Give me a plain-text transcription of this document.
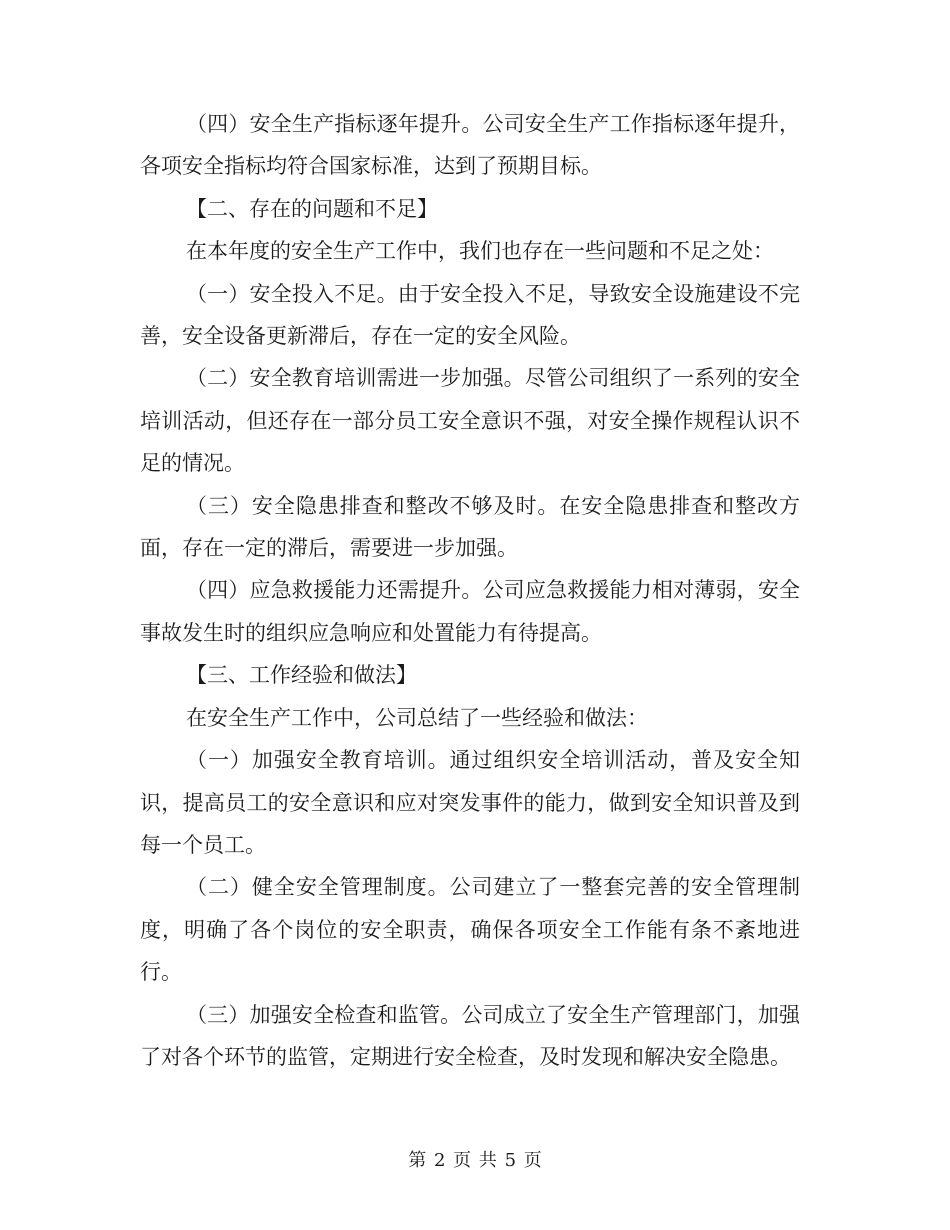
（四）安全生产指标逐年提升。公司安全生产工作指标逐年提升，各项安全指标均符合国家标准，达到了预期目标。

【二、存在的问题和不足】

在本年度的安全生产工作中，我们也存在一些问题和不足之处：

（一）安全投入不足。由于安全投入不足，导致安全设施建设不完善，安全设备更新滞后，存在一定的安全风险。

（二）安全教育培训需进一步加强。尽管公司组织了一系列的安全培训活动，但还存在一部分员工安全意识不强，对安全操作规程认识不足的情况。

（三）安全隐患排查和整改不够及时。在安全隐患排查和整改方面，存在一定的滞后，需要进一步加强。

（四）应急救援能力还需提升。公司应急救援能力相对薄弱，安全事故发生时的组织应急响应和处置能力有待提高。

【三、工作经验和做法】

在安全生产工作中，公司总结了一些经验和做法：

（一）加强安全教育培训。通过组织安全培训活动，普及安全知识，提高员工的安全意识和应对突发事件的能力，做到安全知识普及到每一个员工。

（二）健全安全管理制度。公司建立了一整套完善的安全管理制度，明确了各个岗位的安全职责，确保各项安全工作能有条不紊地进行。

（三）加强安全检查和监管。公司成立了安全生产管理部门，加强了对各个环节的监管，定期进行安全检查，及时发现和解决安全隐患。

第 2 页 共 5 页
